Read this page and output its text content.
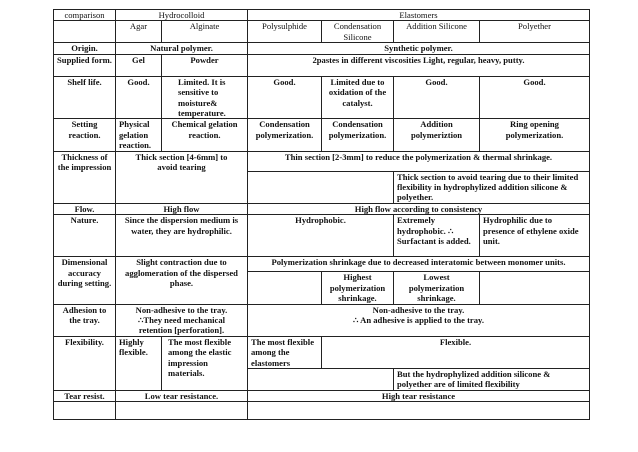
comparison	Hydrocolloid		Elastomers			
	Agar	Alginate	Polysulphide	Condensation Silicone	Addition Silicone	Polyether
Origin.	Natural polymer.		Synthetic polymer.			
Supplied form.	Gel	Powder	2pastes in different viscosities Light, regular, heavy, putty.			
Shelf life.	Good.	Limited. It is sensitive to moisture& temperature.	Good.	Limited due to oxidation of the catalyst.	Good.	Good.
Setting reaction.	Physical gelation reaction.	Chemical gelation reaction.	Condensation polymerization.	Condensation polymerization.	Addition polymeriztion	Ring opening polymerization.
Thickness of the impression	Thick section [4-6mm] to avoid tearing		Thin section [2-3mm] to reduce the polymerization & thermal shrinkage.			
					Thick section to avoid tearing due to their limited flexibility in hydrophylized addition silicone & polyether.	
Flow.	High flow		High flow according to consistency			
Nature.	Since the dispersion medium is water, they are hydrophilic.		Hydrophobic.		Extremely hydrophobic. ∴ Surfactant is added.	Hydrophilic due to presence of ethylene oxide unit.
Dimensional accuracy during setting.	Slight contraction due to agglomeration of the dispersed phase.		Polymerization shrinkage due to decreased interatomic between monomer units.			
				Highest polymerization shrinkage.	Lowest polymerization shrinkage.	
Adhesion to the tray.	Non-adhesive to the tray. ∴They need mechanical retention [perforation].		Non-adhesive to the tray.
∴ An adhesive is applied to the tray.			

Flexibility.	Highly flexible.	The most flexible among the elastic impression materials.	The most flexible among the elastomers	Flexible.		
					But the hydrophylized addition silicone & polyether are of limited flexibility	
Tear resist.	Low tear resistance.		High tear resistance			
